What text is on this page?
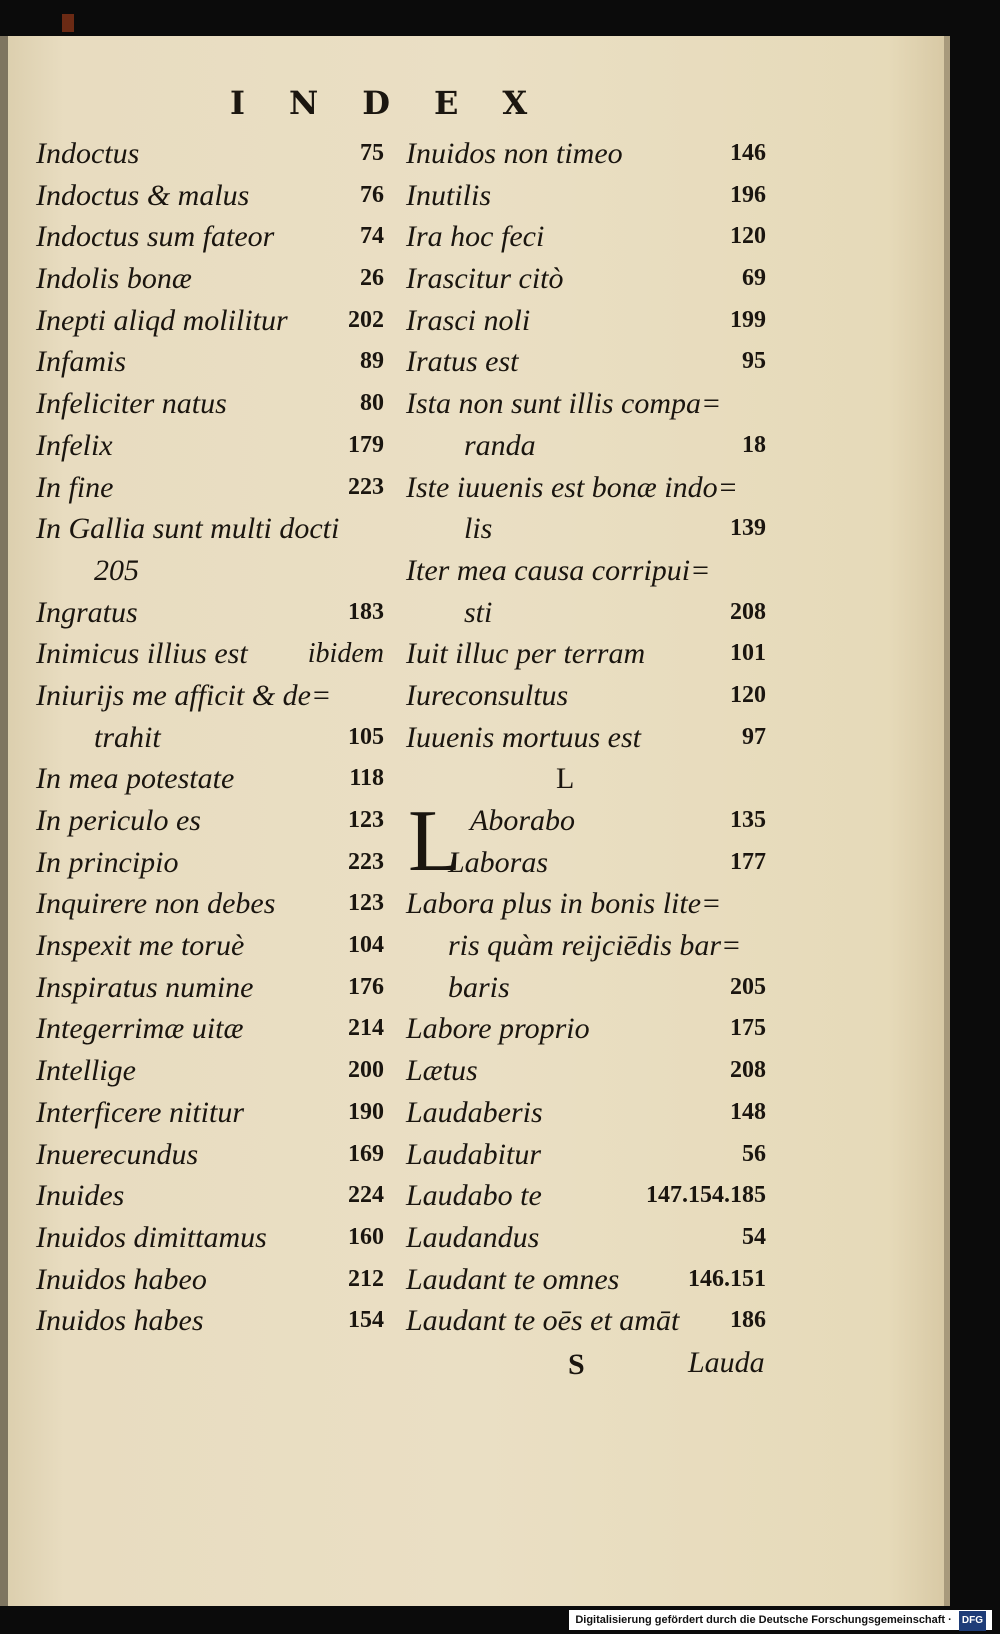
INDEX
Indoctus	75
Indoctus & malus	76
Indoctus sum fateor	74
Indolis bonæ	26
Inepti aliqd molilitur	202
Infamis	89
Infeliciter natus	80
Infelix	179
In fine	223
In Gallia sunt multi docti
205
Ingratus	183
Inimicus illius est ibidem
Iniurijs me afficit & de=
trahit	105
In mea potestate	118
In periculo es	123
In principio	223
Inquirere non debes	123
Inspexit me toruè	104
Inspiratus numine	176
Integerrimæ uitæ	214
Intellige	200
Interficere nititur	190
Inuerecundus	169
Inuides	224
Inuidos dimittamus	160
Inuidos habeo	212
Inuidos habes	154
Inuidos non timeo	146
Inutilis	196
Ira hoc feci	120
Irascitur citò	69
Irasci noli	199
Iratus est	95
Ista non sunt illis compa=
randa	18
Iste iuuenis est bonæ indo=
lis	139
Iter mea causa corripui=
sti	208
Iuit illuc per terram	101
Iureconsultus	120
Iuuenis mortuus est	97
L
L Aborabo	135
Laboras	177
Labora plus in bonis lite=
ris quàm reijciēdis bar=
baris	205
Labore proprio	175
Lætus	208
Laudaberis	148
Laudabitur	56
Laudabo te	147.154.185
Laudandus	54
Laudant te omnes	146.151
Laudant te oēs et amāt 186
S	Lauda
Digitalisierung gefördert durch die Deutsche Forschungsgemeinschaft · DFG
